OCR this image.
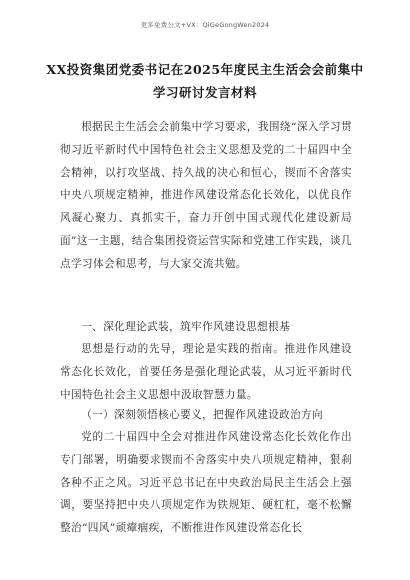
更多免费公文+VX：QiGeGongWen2024
XX投资集团党委书记在2025年度民主生活会会前集中学习研讨发言材料

根据民主生活会会前集中学习要求，我围绕“深入学习贯彻习近平新时代中国特色社会主义思想及党的二十届四中全会精神，以打攻坚战、持久战的决心和恒心，锲而不舍落实中央八项规定精神，推进作风建设常态化长效化，以优良作风凝心聚力、真抓实干，奋力开创中国式现代化建设新局面”这一主题，结合集团投资运营实际和党建工作实践，谈几点学习体会和思考，与大家交流共勉。

一、深化理论武装，筑牢作风建设思想根基

思想是行动的先导，理论是实践的指南。推进作风建设常态化长效化，首要任务是强化理论武装，从习近平新时代中国特色社会主义思想中汲取智慧力量。

（一）深刻领悟核心要义，把握作风建设政治方向

党的二十届四中全会对推进作风建设常态化长效化作出专门部署，明确要求锲而不舍落实中央八项规定精神，狠刹各种不正之风。习近平总书记在中央政治局民主生活会上强调，要坚持把中央八项规定作为铁规矩、硬杠杠，毫不松懈整治“四风”顽瘴痼疾，不断推进作风建设常态化长
